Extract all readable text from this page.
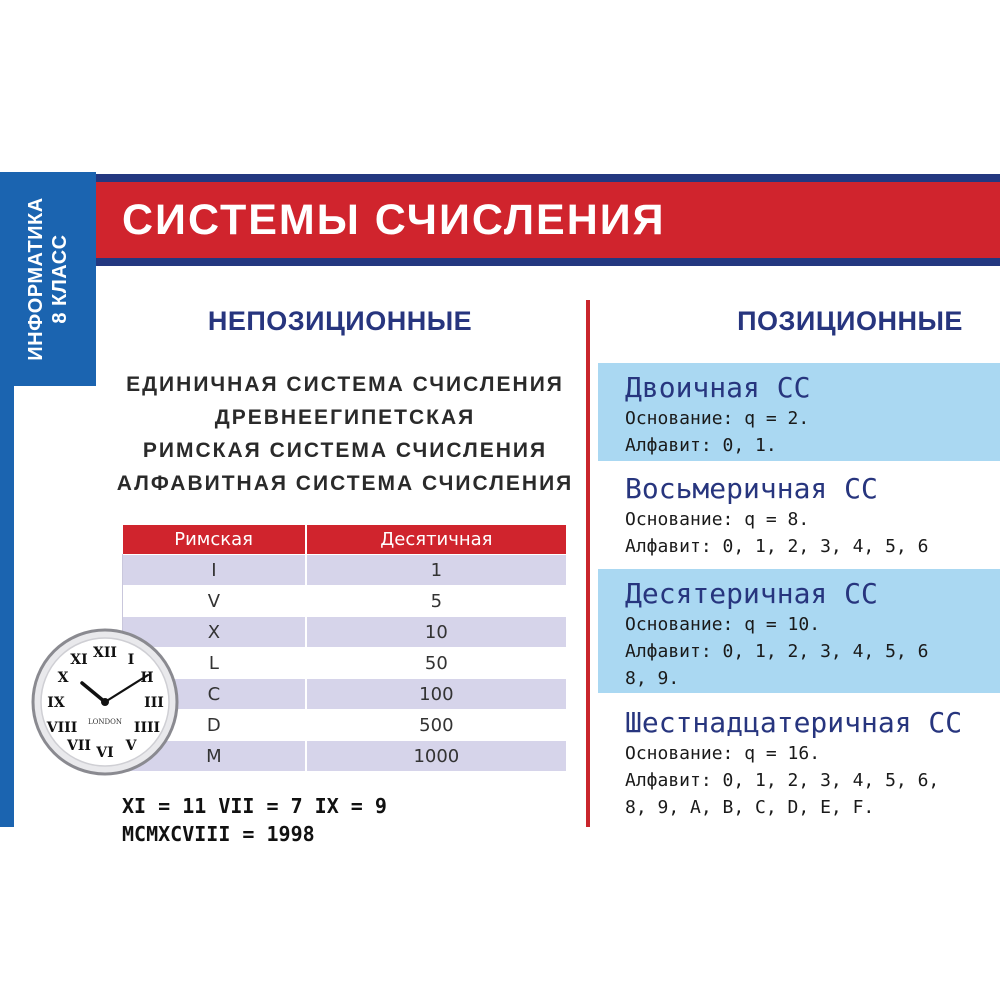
ИНФОРМАТИКА 8 КЛАСС
СИСТЕМЫ СЧИСЛЕНИЯ
НЕПОЗИЦИОННЫЕ
ЕДИНИЧНАЯ СИСТЕМА СЧИСЛЕНИЯ
ДРЕВНЕЕГИПЕТСКАЯ
РИМСКАЯ СИСТЕМА СЧИСЛЕНИЯ
АЛФАВИТНАЯ СИСТЕМА СЧИСЛЕНИЯ
Римская	Десятичная
I	1
V	5
X	10
L	50
C	100
D	500
M	1000
XII I
II
III
IIII
V
VI
VII
VIII
IX
X
XI
LONDON
XI = 11 VII = 7 IX = 9
MCMXCVIII = 1998
ПОЗИЦИОННЫЕ
Двоичная СС
Основание: q = 2.
Алфавит: 0, 1.
Восьмеричная СС
Основание: q = 8.
Алфавит: 0, 1, 2, 3, 4, 5, 6
Десятеричная СС
Основание: q = 10.
Алфавит: 0, 1, 2, 3, 4, 5, 6
8, 9.
Шестнадцатеричная СС
Основание: q = 16.
Алфавит: 0, 1, 2, 3, 4, 5, 6,
8, 9, A, B, C, D, E, F.
